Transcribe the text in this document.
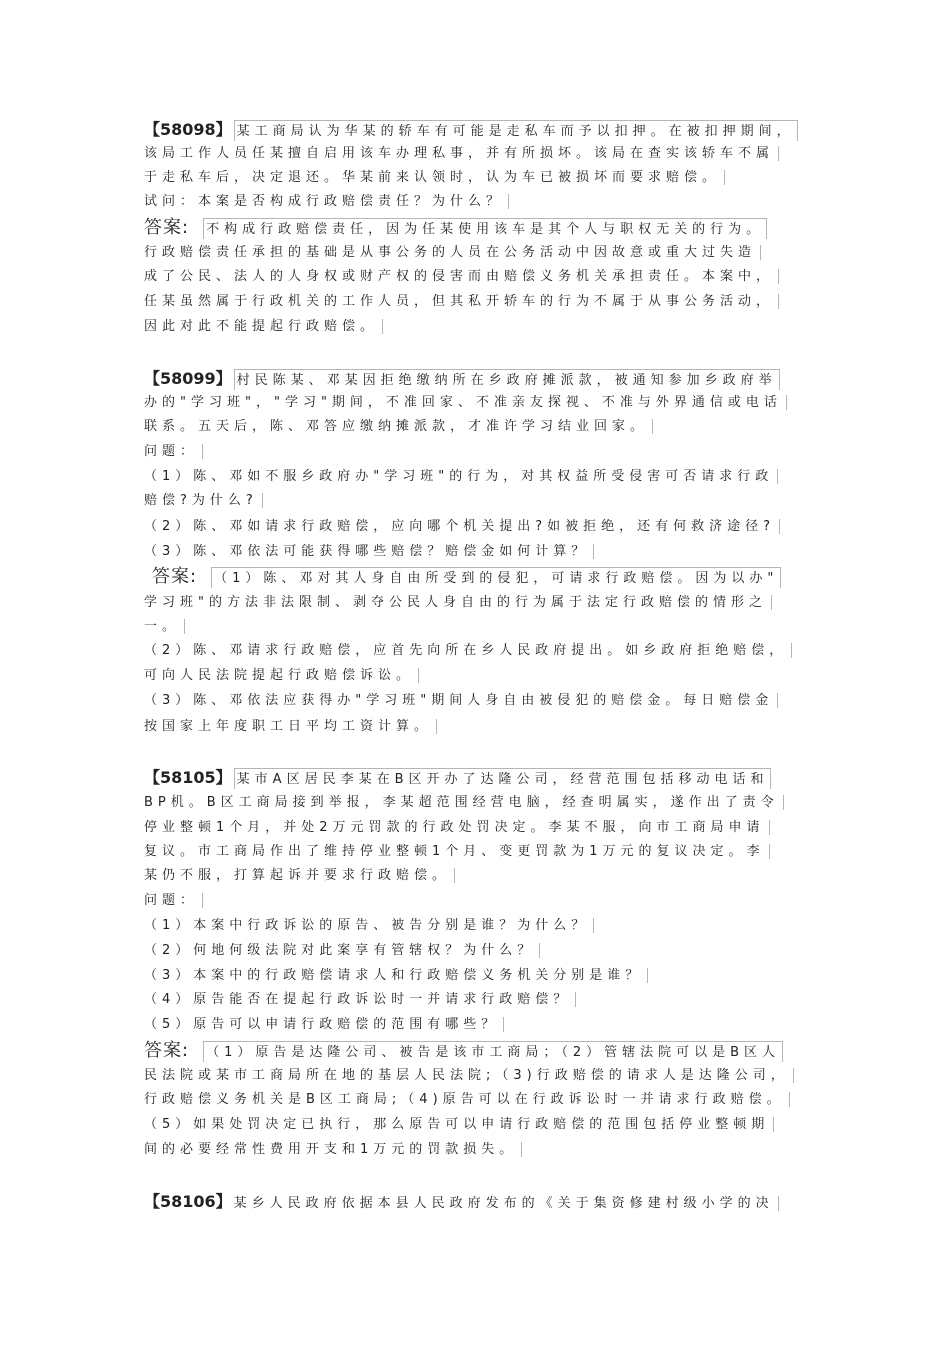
【58098】 某工商局认为华某的轿车有可能是走私车而予以扣押。在被扣押期间，
该局工作人员任某擅自启用该车办理私事，并有所损坏。该局在查实该轿车不属
于走私车后，决定退还。华某前来认领时，认为车已被损坏而要求赔偿。
试问：本案是否构成行政赔偿责任？为什么？
答案: 不构成行政赔偿责任，因为任某使用该车是其个人与职权无关的行为。
行政赔偿责任承担的基础是从事公务的人员在公务活动中因故意或重大过失造
成了公民、法人的人身权或财产权的侵害而由赔偿义务机关承担责任。本案中，
任某虽然属于行政机关的工作人员，但其私开轿车的行为不属于从事公务活动，
因此对此不能提起行政赔偿。
【58099】 村民陈某、邓某因拒绝缴纳所在乡政府摊派款，被通知参加乡政府举
办的"学习班"，"学习"期间，不准回家、不准亲友探视、不准与外界通信或电话
联系。五天后，陈、邓答应缴纳摊派款，才准许学习结业回家。
问题：
（1）陈、邓如不服乡政府办"学习班"的行为，对其权益所受侵害可否请求行政
赔偿?为什么?
（2）陈、邓如请求行政赔偿，应向哪个机关提出?如被拒绝，还有何救济途径?
（3）陈、邓依法可能获得哪些赔偿？赔偿金如何计算？
答案: （1）陈、邓对其人身自由所受到的侵犯，可请求行政赔偿。因为以办"
学习班"的方法非法限制、剥夺公民人身自由的行为属于法定行政赔偿的情形之
一。
（2）陈、邓请求行政赔偿，应首先向所在乡人民政府提出。如乡政府拒绝赔偿，
可向人民法院提起行政赔偿诉讼。
（3）陈、邓依法应获得办"学习班"期间人身自由被侵犯的赔偿金。每日赔偿金
按国家上年度职工日平均工资计算。
【58105】 某市A区居民李某在B区开办了达隆公司，经营范围包括移动电话和
BP机。B区工商局接到举报，李某超范围经营电脑，经查明属实，遂作出了责令
停业整顿1个月，并处2万元罚款的行政处罚决定。李某不服，向市工商局申请
复议。市工商局作出了维持停业整顿1个月、变更罚款为1万元的复议决定。李
某仍不服，打算起诉并要求行政赔偿。
问题：
（1）本案中行政诉讼的原告、被告分别是谁？为什么？
（2）何地何级法院对此案享有管辖权？为什么？
（3）本案中的行政赔偿请求人和行政赔偿义务机关分别是谁？
（4）原告能否在提起行政诉讼时一并请求行政赔偿？
（5）原告可以申请行政赔偿的范围有哪些？
答案: （1）原告是达隆公司、被告是该市工商局；（2）管辖法院可以是B区人
民法院或某市工商局所在地的基层人民法院;（3)行政赔偿的请求人是达隆公司，
行政赔偿义务机关是B区工商局;（4)原告可以在行政诉讼时一并请求行政赔偿。
（5）如果处罚决定已执行，那么原告可以申请行政赔偿的范围包括停业整顿期
间的必要经常性费用开支和1万元的罚款损失。
【58106】 某乡人民政府依据本县人民政府发布的《关于集资修建村级小学的决
